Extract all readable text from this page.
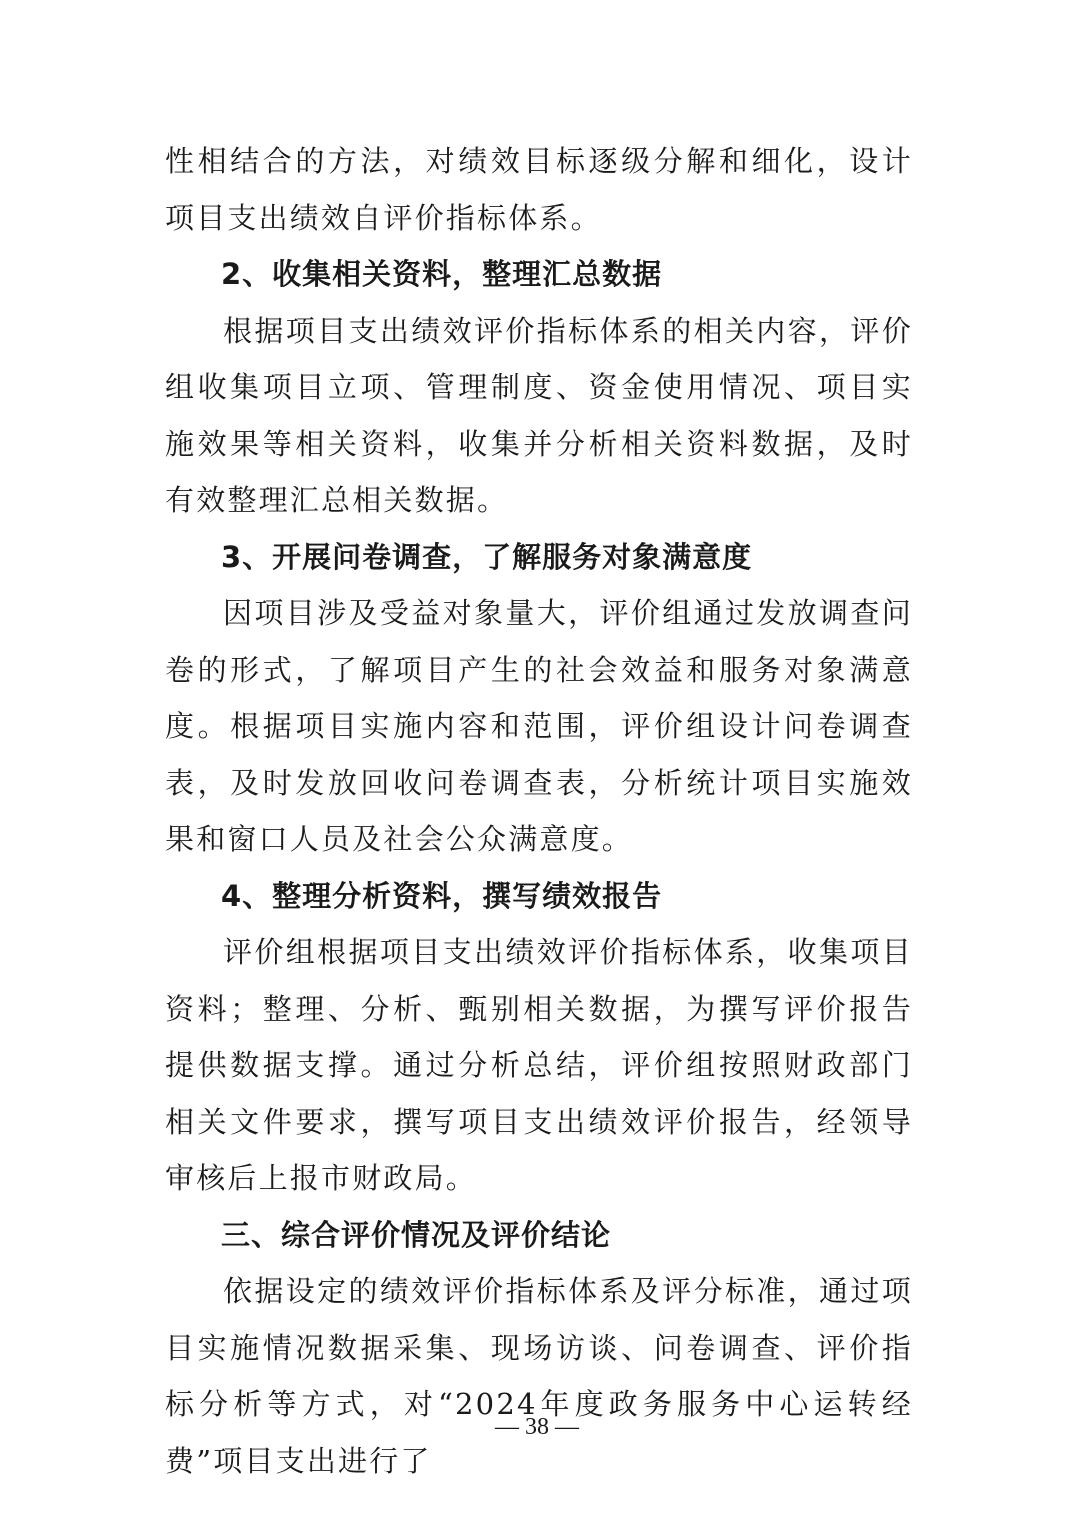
性相结合的方法，对绩效目标逐级分解和细化，设计项目支出绩效自评价指标体系。

2、收集相关资料，整理汇总数据

根据项目支出绩效评价指标体系的相关内容，评价组收集项目立项、管理制度、资金使用情况、项目实施效果等相关资料，收集并分析相关资料数据，及时有效整理汇总相关数据。

3、开展问卷调查，了解服务对象满意度

因项目涉及受益对象量大，评价组通过发放调查问卷的形式，了解项目产生的社会效益和服务对象满意度。根据项目实施内容和范围，评价组设计问卷调查表，及时发放回收问卷调查表，分析统计项目实施效果和窗口人员及社会公众满意度。

4、整理分析资料，撰写绩效报告

评价组根据项目支出绩效评价指标体系，收集项目资料；整理、分析、甄别相关数据，为撰写评价报告提供数据支撑。通过分析总结，评价组按照财政部门相关文件要求，撰写项目支出绩效评价报告，经领导审核后上报市财政局。

三、综合评价情况及评价结论

依据设定的绩效评价指标体系及评分标准，通过项目实施情况数据采集、现场访谈、问卷调查、评价指标分析等方式，对“2024年度政务服务中心运转经费”项目支出进行了

— 38 —
